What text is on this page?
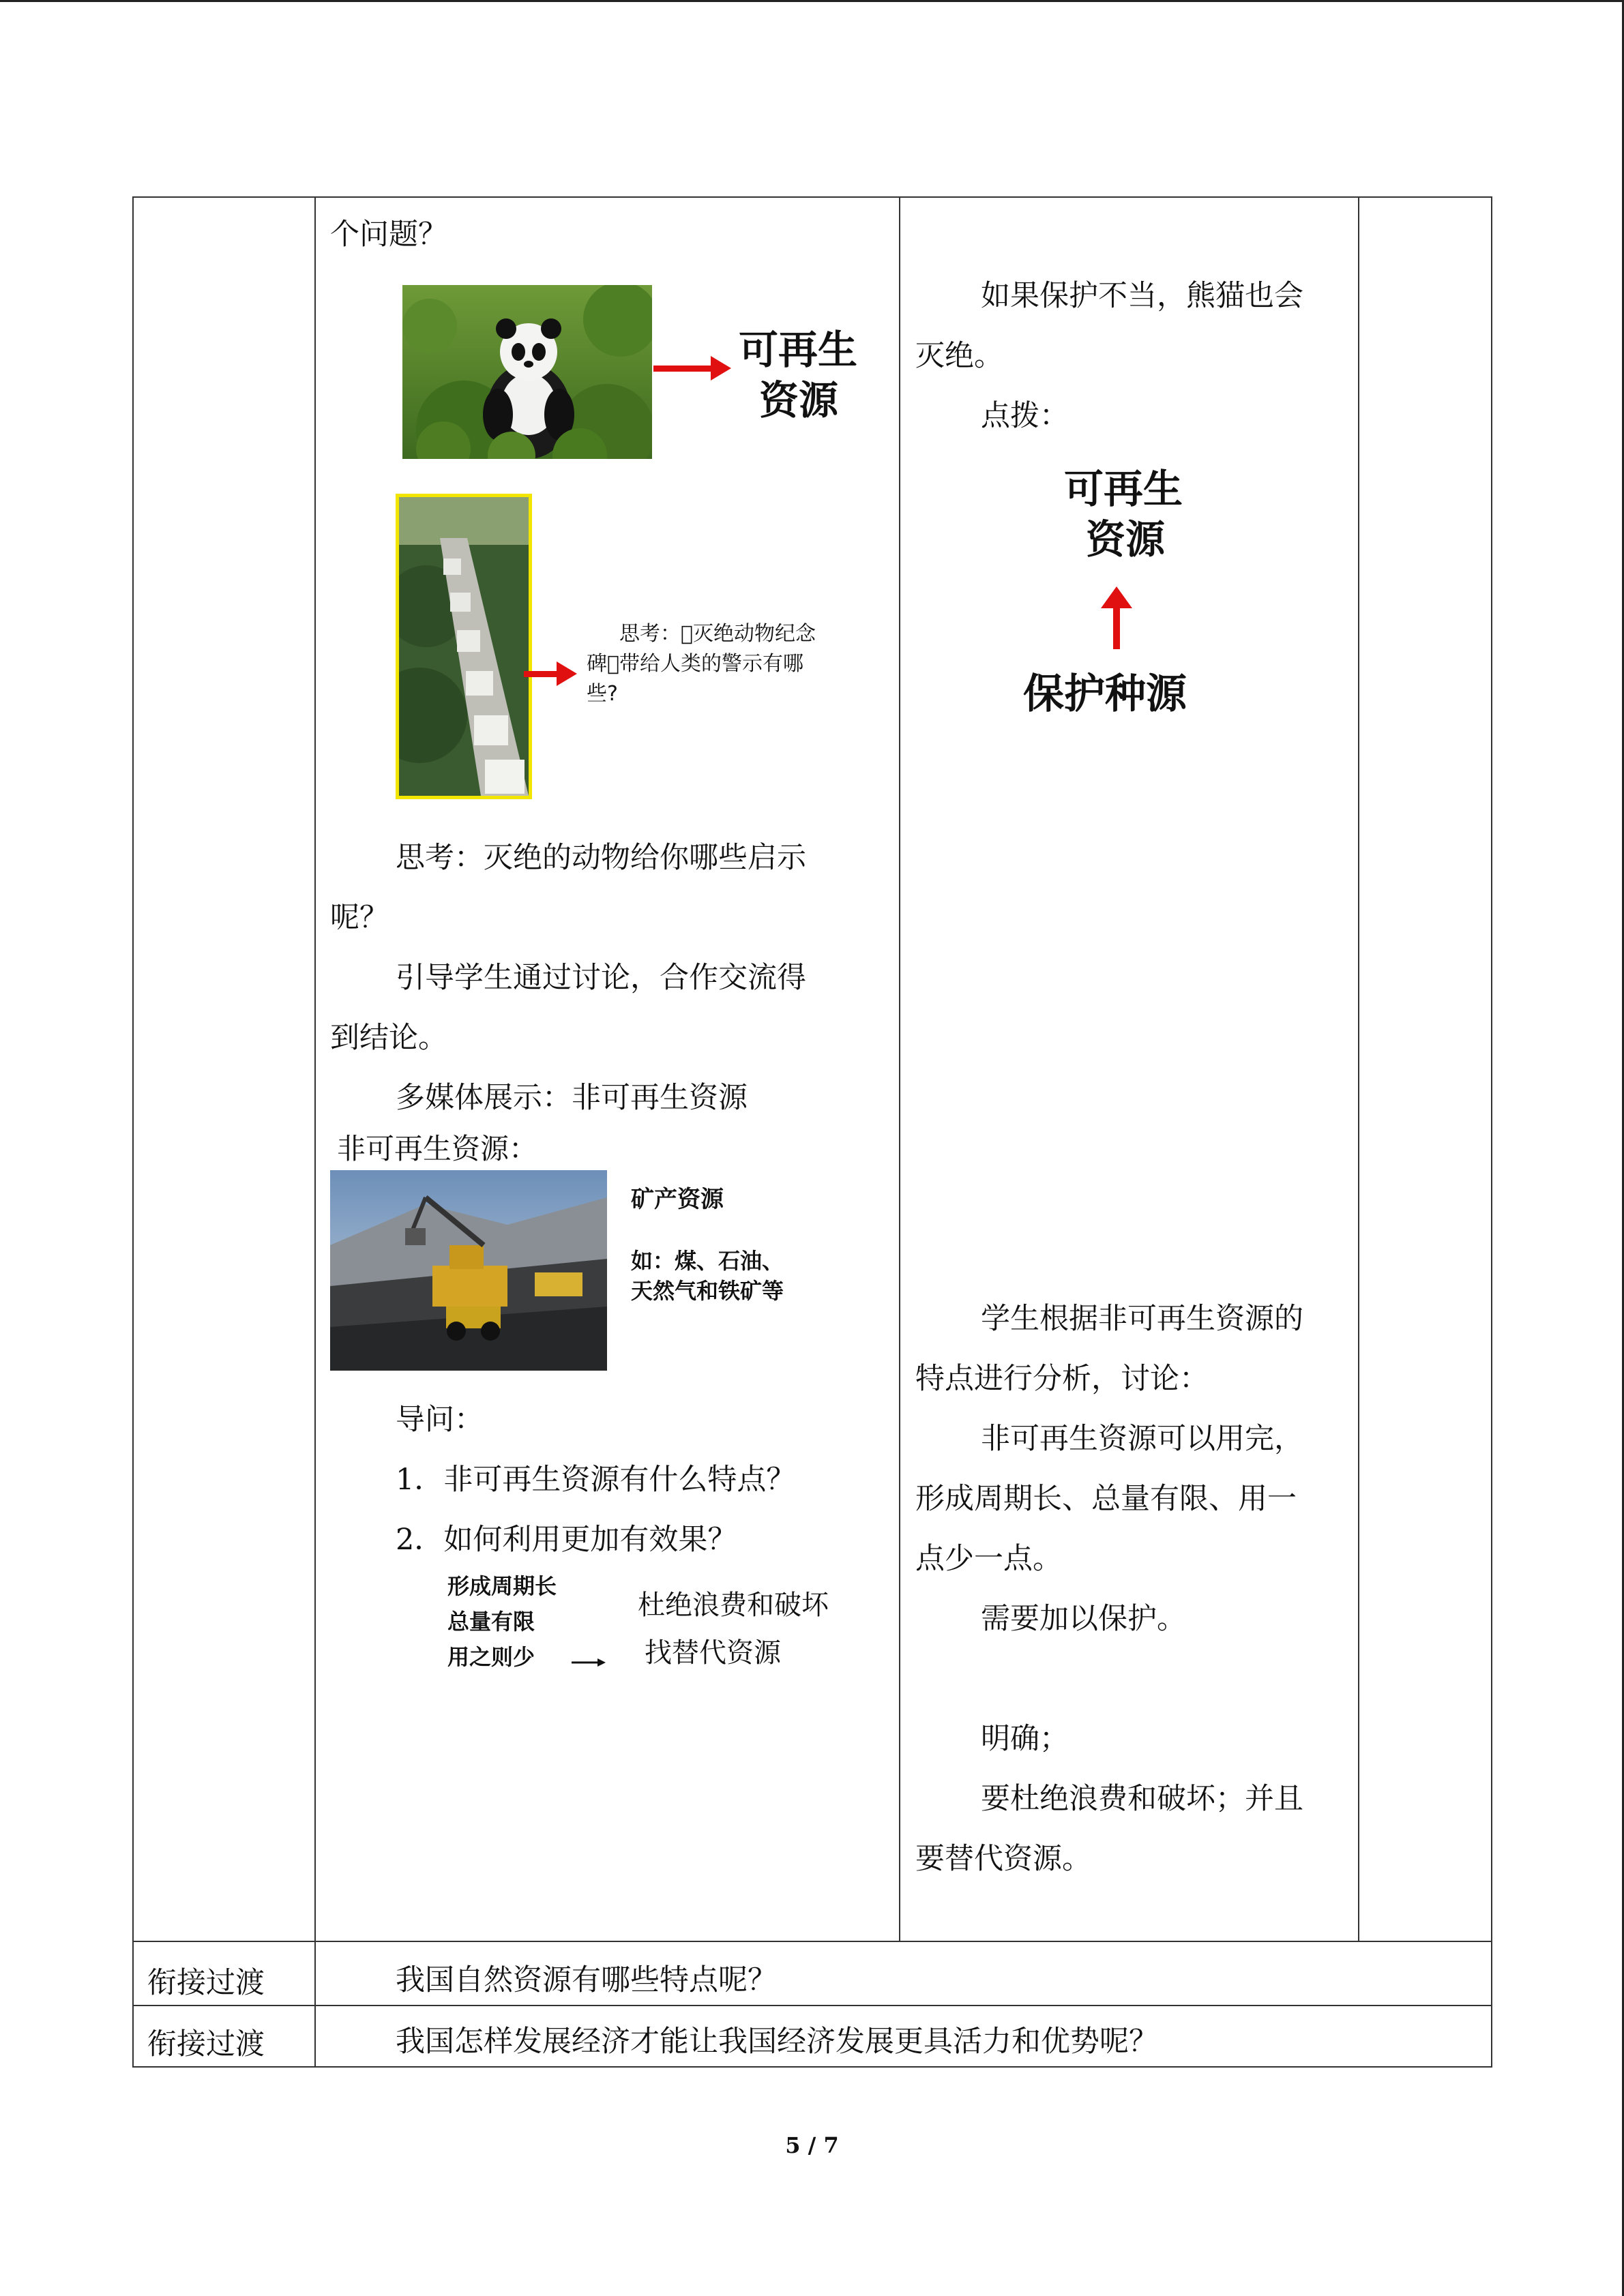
个问题？
可再生
资源
思考： 灭绝动物纪念
碑 带给人类的警示有哪
些?
思考：灭绝的动物给你哪些启示
呢？
引导学生通过讨论，合作交流得
到结论。
多媒体展示：非可再生资源
非可再生资源：
矿产资源
如：煤、石油、
天然气和铁矿等
导问：
1．非可再生资源有什么特点？
2．如何利用更加有效果？
形成周期长
总量有限
用之则少
杜绝浪费和破坏
找替代资源
如果保护不当，熊猫也会
灭绝。
点拨：
可再生
资源
保护种源
学生根据非可再生资源的
特点进行分析，讨论：
非可再生资源可以用完，
形成周期长、总量有限、用一
点少一点。
需要加以保护。
明确；
要杜绝浪费和破坏；并且
要替代资源。
衔接过渡	我国自然资源有哪些特点呢？
衔接过渡	我国怎样发展经济才能让我国经济发展更具活力和优势呢？
5 / 7
